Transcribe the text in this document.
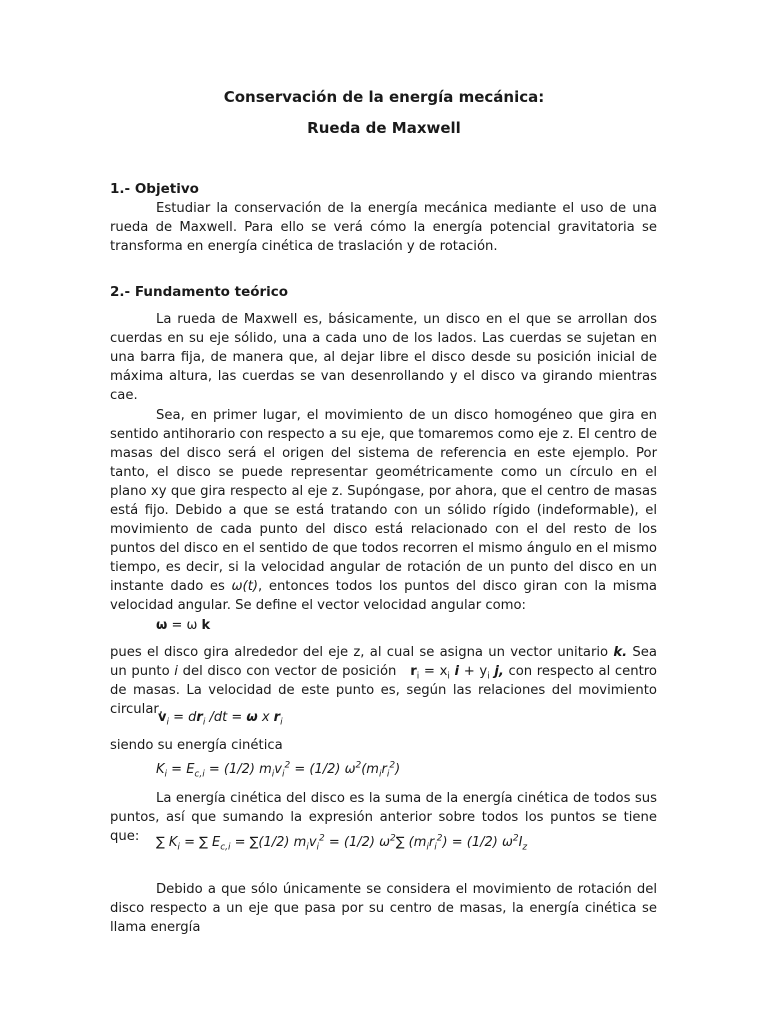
Conservación de la energía mecánica:
Rueda de Maxwell
1.- Objetivo

Estudiar la conservación de la energía mecánica mediante el uso de una rueda de Maxwell. Para ello se verá cómo la energía potencial gravitatoria se transforma en energía cinética de traslación y de rotación.

2.- Fundamento teórico

La rueda de Maxwell es, básicamente, un disco en el que se arrollan dos cuerdas en su eje sólido, una a cada uno de los lados. Las cuerdas se sujetan en una barra fija, de manera que, al dejar libre el disco desde su posición inicial de máxima altura, las cuerdas se van desenrollando y el disco va girando mientras cae.

Sea, en primer lugar, el movimiento de un disco homogéneo que gira en sentido antihorario con respecto a su eje, que tomaremos como eje z. El centro de masas del disco será el origen del sistema de referencia en este ejemplo. Por tanto, el disco se puede representar geométricamente como un círculo en el plano xy que gira respecto al eje z. Supóngase, por ahora, que el centro de masas está fijo. Debido a que se está tratando con un sólido rígido (indeformable), el movimiento de cada punto del disco está relacionado con el del resto de los puntos del disco en el sentido de que todos recorren el mismo ángulo en el mismo tiempo, es decir, si la velocidad angular de rotación de un punto del disco en un instante dado es ω(t), entonces todos los puntos del disco giran con la misma velocidad angular. Se define el vector velocidad angular como:

ω = ω k

pues el disco gira alrededor del eje z, al cual se asigna un vector unitario k. Sea un punto i del disco con vector de posición $r_i = x_i$ $i + y_i$ j, con respecto al centro de masas. La velocidad de este punto es, según las relaciones del movimiento circular,

$v_i = dr_i$ /dt = ω x $r_i$

siendo su energía cinética

$K_i = E_{c,i} = (1/2) m_iv_i^2 = (1/2)$ $\omega^2(m_ir_i^2)$

La energía cinética del disco es la suma de la energía cinética de todos sus puntos, así que sumando la expresión anterior sobre todos los puntos se tiene que:	∑ $K_i$ = ∑ $E_{c,i} = \sum(1/2) m_iv_i^2 = (1/2)$ $\omega^2\sum$ $(m_ir_i^2) = (1/2)$ $\omega^2I_z$

Debido a que sólo únicamente se considera el movimiento de rotación del disco respecto a un eje que pasa por su centro de masas, la energía cinética se llama energía
